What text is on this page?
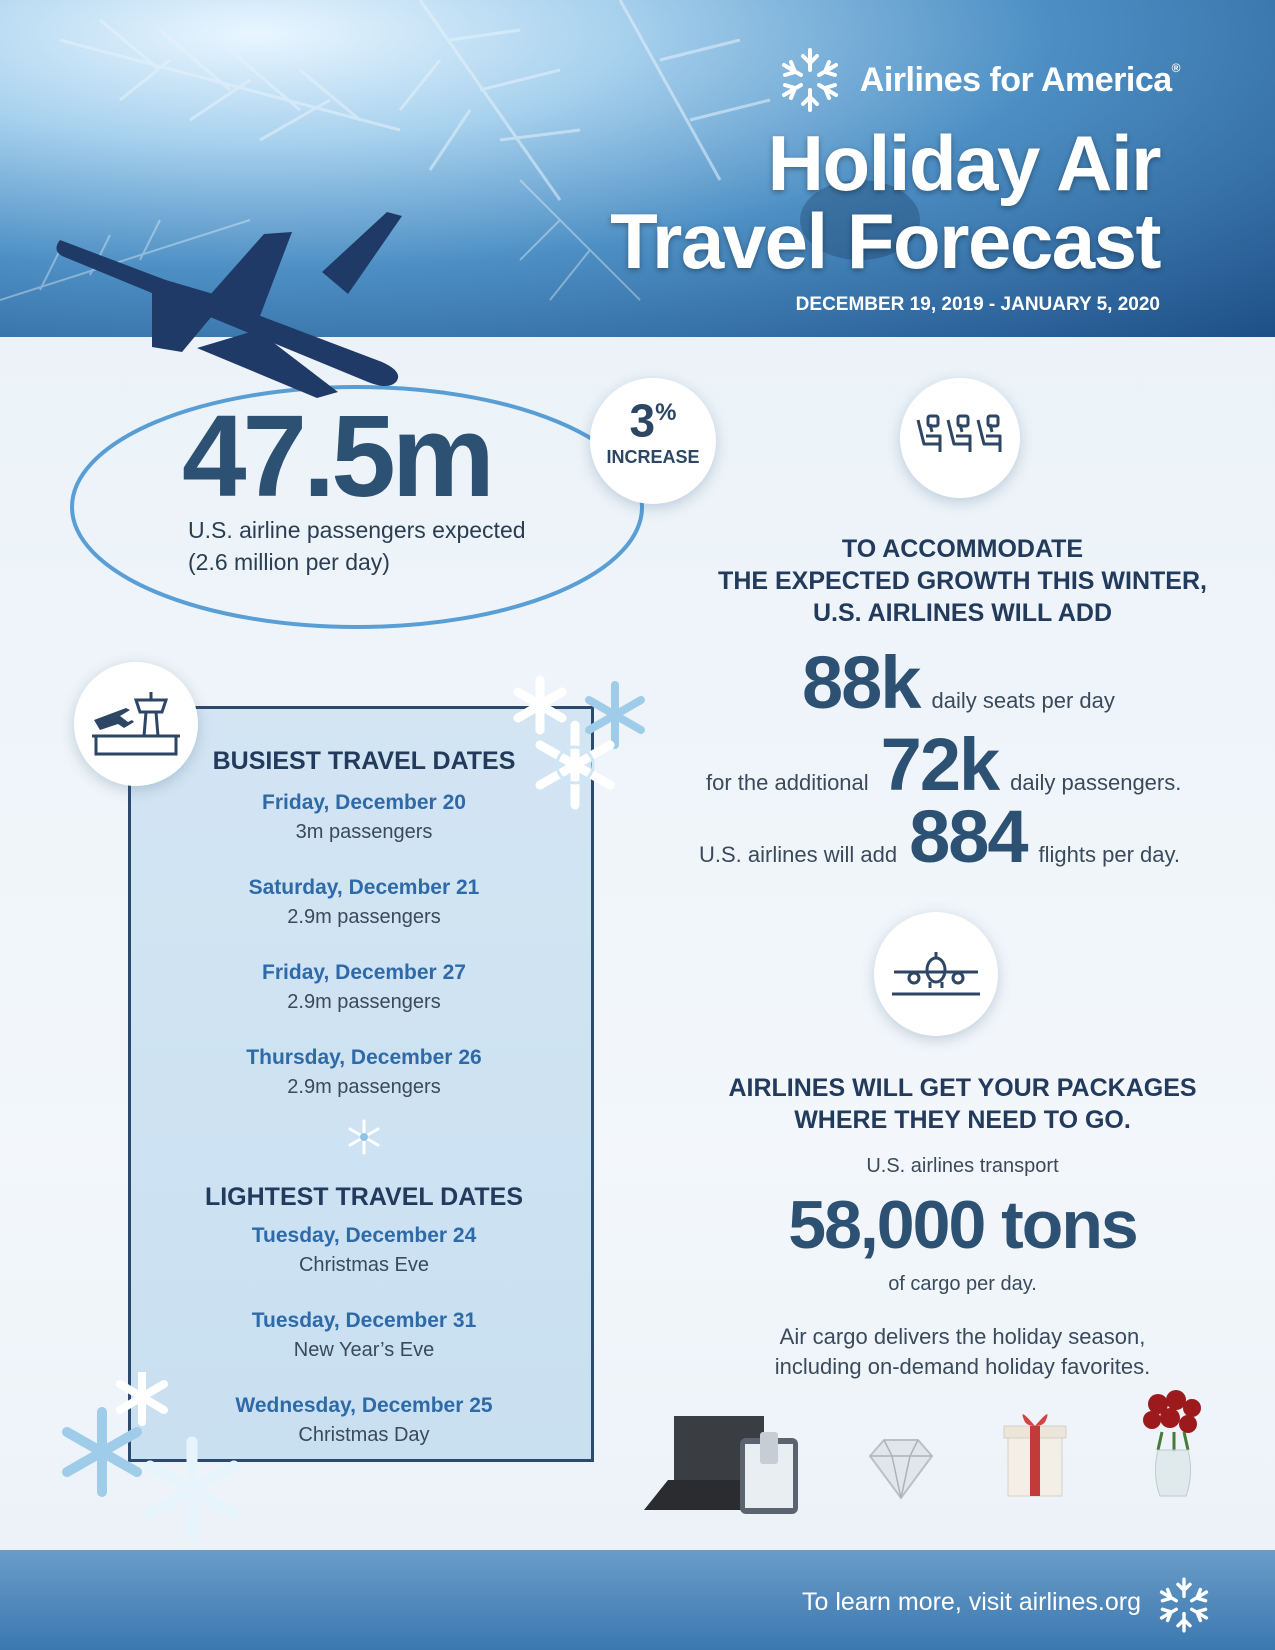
Airlines for America®
Holiday Air
Travel Forecast
DECEMBER 19, 2019 - JANUARY 5, 2020
47.5m
U.S. airline passengers expected
(2.6 million per day)
3%
INCREASE
BUSIEST TRAVEL DATES
Friday, December 20
3m passengers
Saturday, December 21
2.9m passengers
Friday, December 27
2.9m passengers
Thursday, December 26
2.9m passengers
LIGHTEST TRAVEL DATES
Tuesday, December 24
Christmas Eve
Tuesday, December 31
New Year’s Eve
Wednesday, December 25
Christmas Day
TO ACCOMMODATE
THE EXPECTED GROWTH THIS WINTER,
U.S. AIRLINES WILL ADD
88k daily seats per day
for the additional 72k daily passengers.
U.S. airlines will add 884 flights per day.
AIRLINES WILL GET YOUR PACKAGES
WHERE THEY NEED TO GO.
U.S. airlines transport
58,000 tons
of cargo per day.
Air cargo delivers the holiday season,
including on-demand holiday favorites.
To learn more, visit airlines.org
